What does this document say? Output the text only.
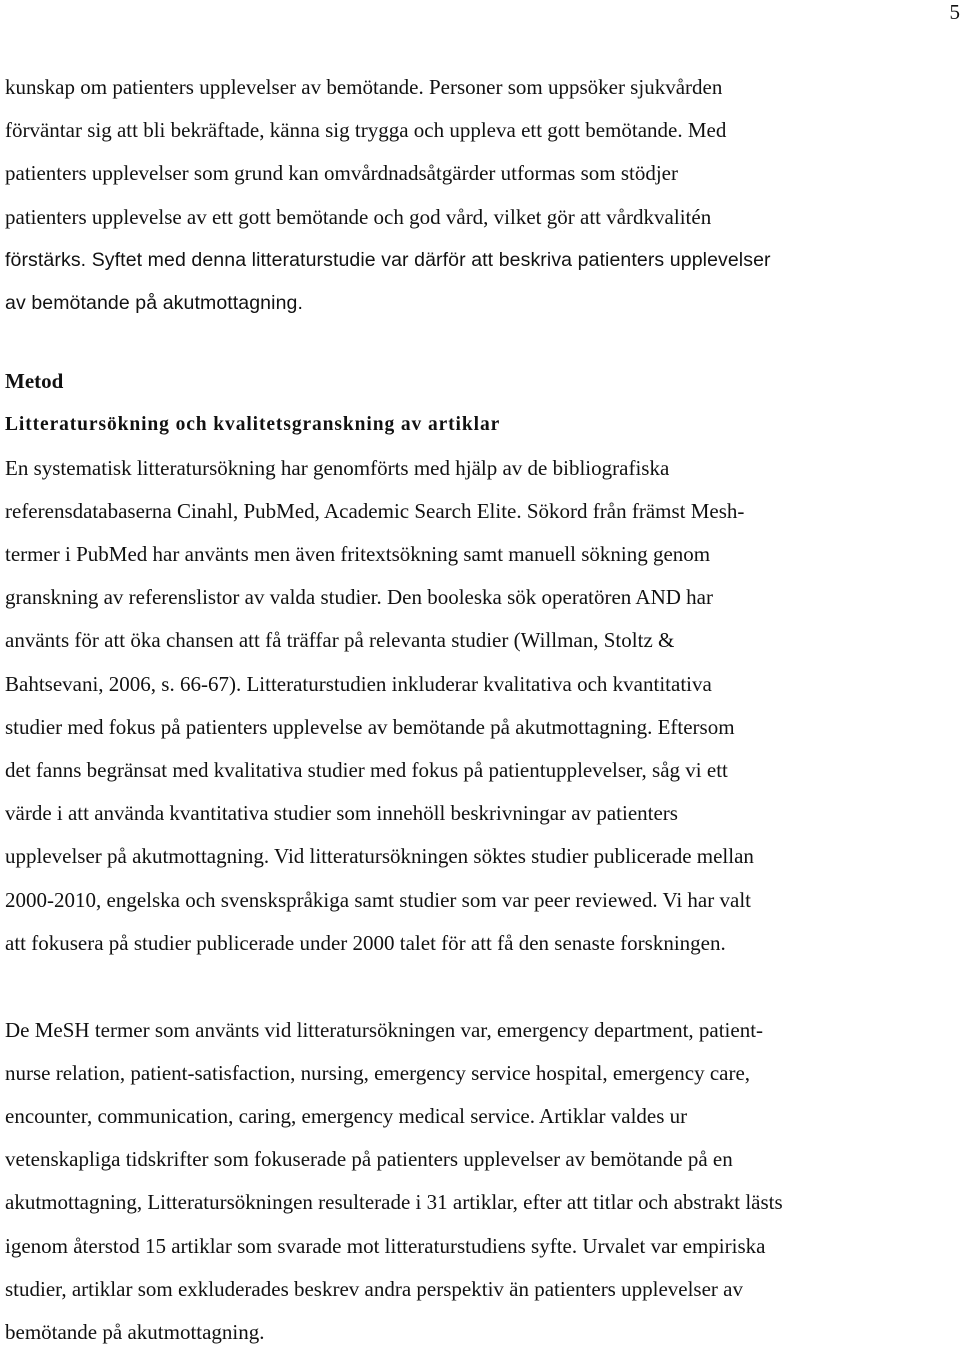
5

kunskap om patienters upplevelser av bemötande. Personer som uppsöker sjukvården
förväntar sig att bli bekräftade, känna sig trygga och uppleva ett gott bemötande. Med
patienters upplevelser som grund kan omvårdnadsåtgärder utformas som stödjer
patienters upplevelse av ett gott bemötande och god vård, vilket gör att vårdkvalitén
förstärks. Syftet med denna litteraturstudie var därför att beskriva patienters upplevelser
av bemötande på akutmottagning.

Metod
Litteratursökning och kvalitetsgranskning av artiklar

En systematisk litteratursökning har genomförts med hjälp av de bibliografiska
referensdatabaserna Cinahl, PubMed, Academic Search Elite. Sökord från främst Mesh-
termer i PubMed har använts men även fritextsökning samt manuell sökning genom
granskning av referenslistor av valda studier. Den booleska sök operatören AND har
använts för att öka chansen att få träffar på relevanta studier (Willman, Stoltz &
Bahtsevani, 2006, s. 66-67). Litteraturstudien inkluderar kvalitativa och kvantitativa
studier med fokus på patienters upplevelse av bemötande på akutmottagning. Eftersom
det fanns begränsat med kvalitativa studier med fokus på patientupplevelser, såg vi ett
värde i att använda kvantitativa studier som innehöll beskrivningar av patienters
upplevelser på akutmottagning. Vid litteratursökningen söktes studier publicerade mellan
2000-2010, engelska och svenskspråkiga samt studier som var peer reviewed. Vi har valt
att fokusera på studier publicerade under 2000 talet för att få den senaste forskningen.

De MeSH termer som använts vid litteratursökningen var, emergency department, patient-
nurse relation, patient-satisfaction, nursing, emergency service hospital, emergency care,
encounter, communication, caring, emergency medical service. Artiklar valdes ur
vetenskapliga tidskrifter som fokuserade på patienters upplevelser av bemötande på en
akutmottagning, Litteratursökningen resulterade i 31 artiklar, efter att titlar och abstrakt lästs
igenom återstod 15 artiklar som svarade mot litteraturstudiens syfte. Urvalet var empiriska
studier, artiklar som exkluderades beskrev andra perspektiv än patienters upplevelser av
bemötande på akutmottagning.
